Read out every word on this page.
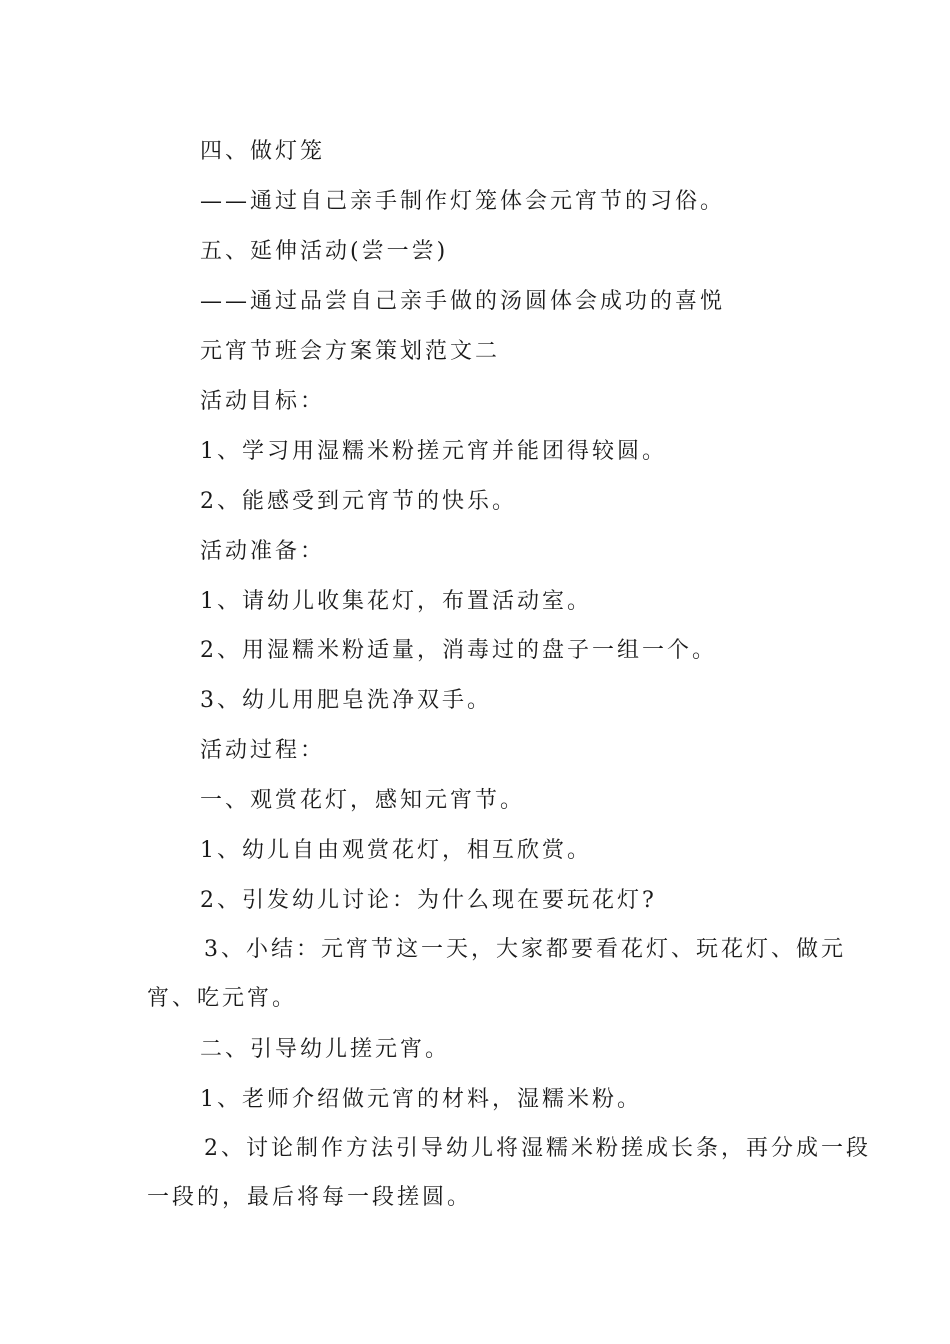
四、做灯笼

——通过自己亲手制作灯笼体会元宵节的习俗。

五、延伸活动(尝一尝)

——通过品尝自己亲手做的汤圆体会成功的喜悦

元宵节班会方案策划范文二

活动目标：

1、学习用湿糯米粉搓元宵并能团得较圆。

2、能感受到元宵节的快乐。

活动准备：

1、请幼儿收集花灯，布置活动室。

2、用湿糯米粉适量，消毒过的盘子一组一个。

3、幼儿用肥皂洗净双手。

活动过程：

一、观赏花灯，感知元宵节。

1、幼儿自由观赏花灯，相互欣赏。

2、引发幼儿讨论：为什么现在要玩花灯?

3、小结：元宵节这一天，大家都要看花灯、玩花灯、做元

宵、吃元宵。

二、引导幼儿搓元宵。

1、老师介绍做元宵的材料，湿糯米粉。

2、讨论制作方法引导幼儿将湿糯米粉搓成长条，再分成一段

一段的，最后将每一段搓圆。
